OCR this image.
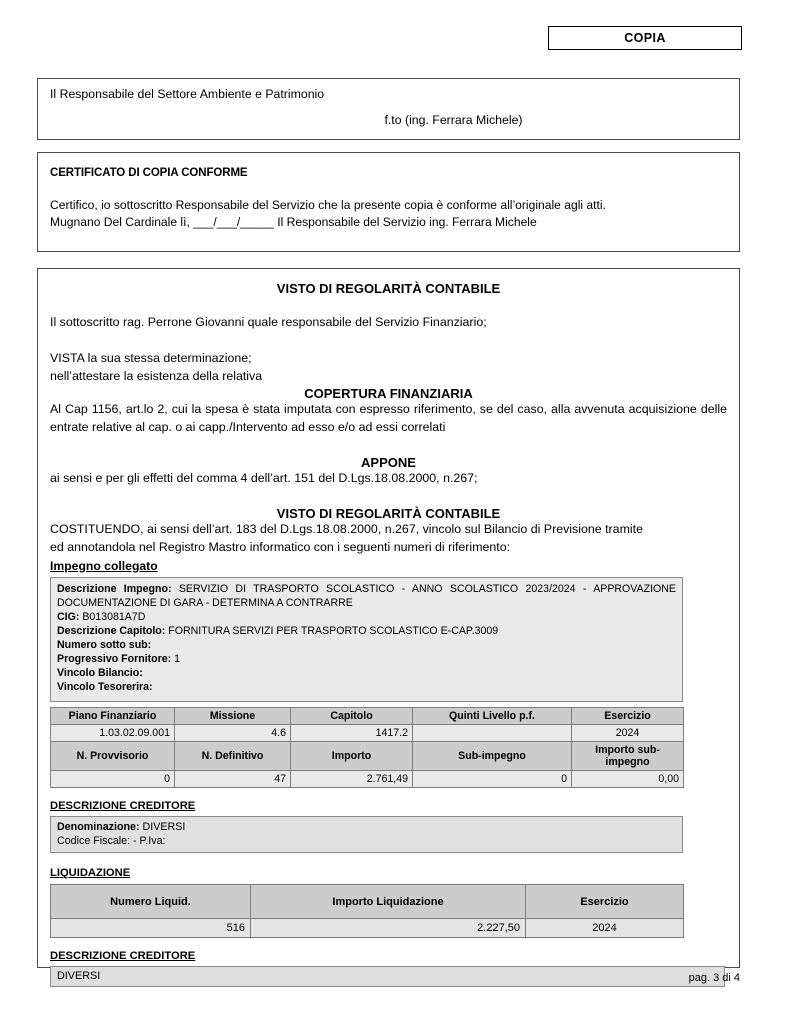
COPIA
Il Responsabile del Settore Ambiente e Patrimonio
f.to (ing. Ferrara Michele)
CERTIFICATO DI COPIA CONFORME
Certifico, io sottoscritto Responsabile del Servizio che la presente copia è conforme all’originale agli atti.
Mugnano Del Cardinale lì, ___/___/_____ Il Responsabile del Servizio ing. Ferrara Michele
VISTO DI REGOLARITÀ CONTABILE
Il sottoscritto rag. Perrone Giovanni quale responsabile del Servizio Finanziario;
VISTA la sua stessa determinazione;
nell’attestare la esistenza della relativa
COPERTURA FINANZIARIA
Al Cap 1156, art.lo 2, cui la spesa è stata imputata con espresso riferimento, se del caso, alla avvenuta acquisizione delle entrate relative al cap. o ai capp./Intervento ad esso e/o ad essi correlati
APPONE
ai sensi e per gli effetti del comma 4 dell’art. 151 del D.Lgs.18.08.2000, n.267;
VISTO DI REGOLARITÀ CONTABILE
COSTITUENDO, ai sensi dell’art. 183 del D.Lgs.18.08.2000, n.267, vincolo sul Bilancio di Previsione tramite
ed annotandola nel Registro Mastro informatico con i seguenti numeri di riferimento:
Impegno collegato
Descrizione Impegno: SERVIZIO DI TRASPORTO SCOLASTICO - ANNO SCOLASTICO 2023/2024 - APPROVAZIONE DOCUMENTAZIONE DI GARA - DETERMINA A CONTRARRE
CIG: B013081A7D
Descrizione Capitolo: FORNITURA SERVIZI PER TRASPORTO SCOLASTICO E-CAP.3009
Numero sotto sub:
Progressivo Fornitore: 1
Vincolo Bilancio:
Vincolo Tesorerira:
Piano Finanziario	Missione	Capitolo	Quinti Livello p.f.	Esercizio
1.03.02.09.001	4.6	1417.2		2024
N. Provvisorio	N. Definitivo	Importo	Sub-impegno	Importo sub-impegno
0	47	2.761,49	0	0,00
DESCRIZIONE CREDITORE
Denominazione: DIVERSI
Codice Fiscale: - P.Iva:
LIQUIDAZIONE
Numero Liquid.	Importo Liquidazione	Esercizio
516	2.227,50	2024
DESCRIZIONE CREDITORE
DIVERSI	pag. 3 di 4
